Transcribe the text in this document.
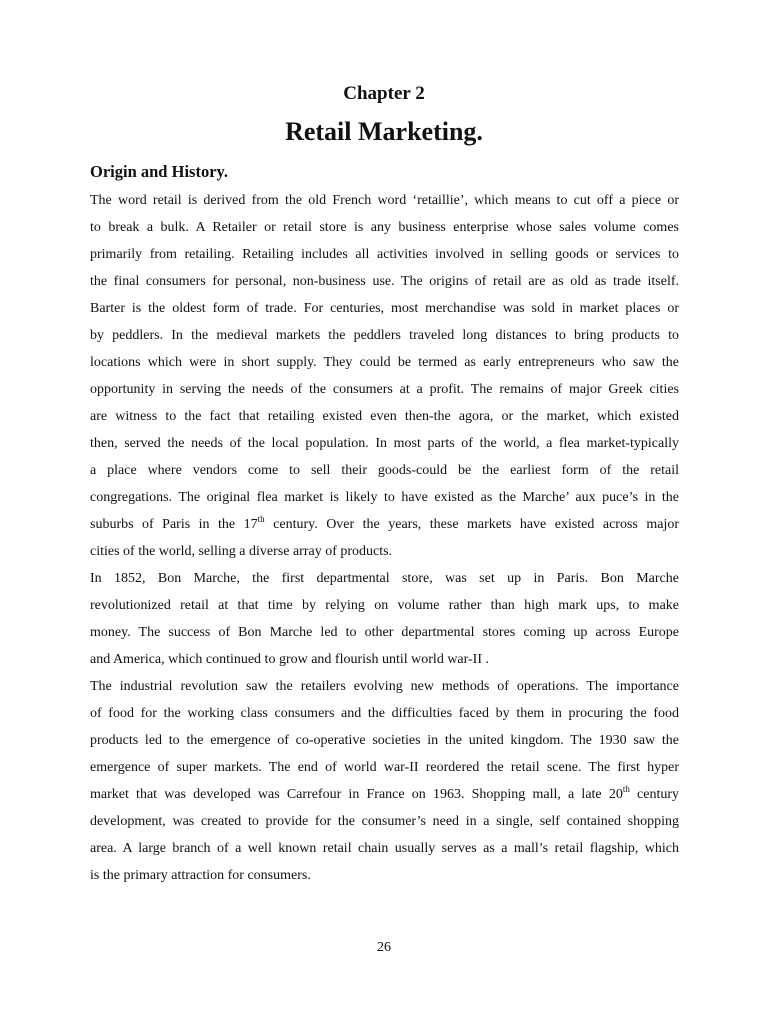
Chapter 2
Retail Marketing.
Origin and History.
The word retail is derived from the old French word ‘retaillie’, which means to cut off a piece or
to break a bulk. A Retailer or retail store is any business enterprise whose sales volume comes
primarily from retailing. Retailing includes all activities involved in selling goods or services to
the final consumers for personal, non-business use. The origins of retail are as old as trade itself.
Barter is the oldest form of trade. For centuries, most merchandise was sold in market places or
by peddlers. In the medieval markets the peddlers traveled long distances to bring products to
locations which were in short supply. They could be termed as early entrepreneurs who saw the
opportunity in serving the needs of the consumers at a profit. The remains of major Greek cities
are witness to the fact that retailing existed even then-the agora, or the market, which existed
then, served the needs of the local population. In most parts of the world, a flea market-typically
a place where vendors come to sell their goods-could be the earliest form of the retail
congregations. The original flea market is likely to have existed as the Marche’ aux puce’s in the
suburbs of Paris in the 17th century. Over the years, these markets have existed across major
cities of the world, selling a diverse array of products.
In 1852, Bon Marche, the first departmental store, was set up in Paris. Bon Marche
revolutionized retail at that time by relying on volume rather than high mark ups, to make
money. The success of Bon Marche led to other departmental stores coming up across Europe
and America, which continued to grow and flourish until world war-II .
The industrial revolution saw the retailers evolving new methods of operations. The importance
of food for the working class consumers and the difficulties faced by them in procuring the food
products led to the emergence of co-operative societies in the united kingdom. The 1930 saw the
emergence of super markets. The end of world war-II reordered the retail scene. The first hyper
market that was developed was Carrefour in France on 1963. Shopping mall, a late 20th century
development, was created to provide for the consumer’s need in a single, self contained shopping
area. A large branch of a well known retail chain usually serves as a mall’s retail flagship, which
is the primary attraction for consumers.
26
